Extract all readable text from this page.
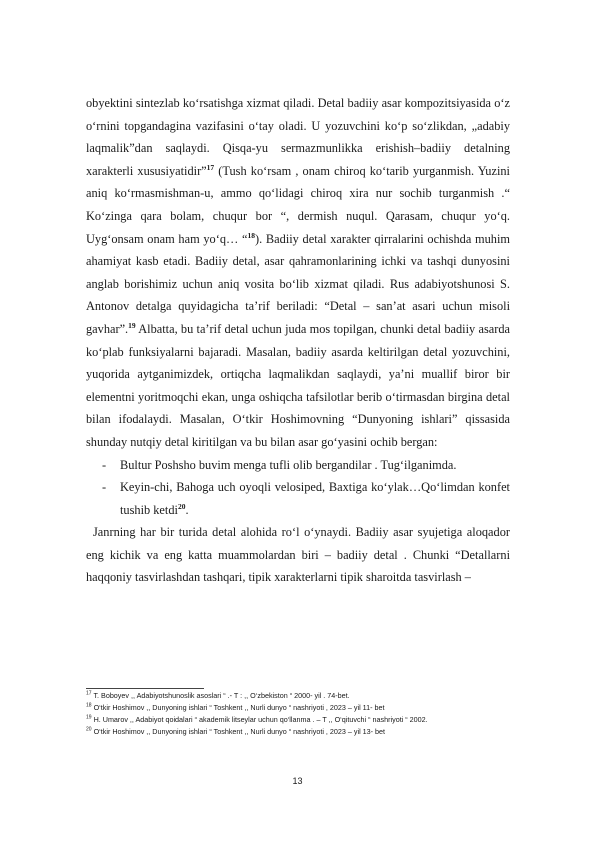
obyektini sintezlab ko‘rsatishga xizmat qiladi. Detal badiiy asar kompozitsiyasida o‘z o‘rnini topgandagina vazifasini o‘tay oladi. U yozuvchini ko‘p so‘zlikdan, „adabiy laqmalik”dan saqlaydi. Qisqa-yu sermazmunlikka erishish–badiiy detalning xarakterli xususiyatidir”$^{17}$ (Tush ko‘rsam , onam chiroq ko‘tarib yurganmish. Yuzini aniq ko‘rmasmishman-u, ammo qo‘lidagi chiroq xira nur sochib turganmish .“ Ko‘zinga qara bolam, chuqur bor “, dermish nuqul. Qarasam, chuqur yo‘q. Uyg‘onsam onam ham yo‘q… “$^{18}$). Badiiy detal xarakter qirralarini ochishda muhim ahamiyat kasb etadi. Badiiy detal, asar qahramonlarining ichki va tashqi dunyosini anglab borishimiz uchun aniq vosita bo‘lib xizmat qiladi. Rus adabiyotshunosi S. Antonov detalga quyidagicha ta’rif beriladi: “Detal – san’at asari uchun misoli gavhar”.$^{19}$ Albatta, bu ta’rif detal uchun juda mos topilgan, chunki detal badiiy asarda ko‘plab funksiyalarni bajaradi. Masalan, badiiy asarda keltirilgan detal yozuvchini, yuqorida aytganimizdek, ortiqcha laqmalikdan saqlaydi, ya’ni muallif biror bir elementni yoritmoqchi ekan, unga oshiqcha tafsilotlar berib o‘tirmasdan birgina detal bilan ifodalaydi. Masalan, O‘tkir Hoshimovning “Dunyoning ishlari” qissasida shunday nutqiy detal kiritilgan va bu bilan asar go‘yasini ochib bergan:

- Bultur Poshsho buvim menga tufli olib bergandilar . Tug‘ilganimda.
- Keyin-chi, Bahoga uch oyoqli velosiped, Baxtiga ko‘ylak…Qo‘limdan konfet tushib ketdi$^{20}$.

Janrning har bir turida detal alohida ro‘l o‘ynaydi. Badiiy asar syujetiga aloqador eng kichik va eng katta muammolardan biri – badiiy detal . Chunki “Detallarni haqqoniy tasvirlashdan tashqari, tipik xarakterlarni tipik sharoitda tasvirlash –

$^{17}$ T. Boboyev ,, Adabiyotshunoslik asoslari “ .- T : ,, O‘zbekiston “ 2000- yil . 74-bet.
$^{18}$ O‘tkir Hoshimov ,, Dunyoning ishlari “ Toshkent ,, Nurli dunyo “ nashriyoti , 2023 – yil 11- bet
$^{19}$ H. Umarov ,, Adabiyot qoidalari “ akademik litseylar uchun qo‘llanma . – T ,, O‘qituvchi “ nashriyoti “ 2002.
$^{20}$ O‘tkir Hoshimov ,, Dunyoning ishlari “ Toshkent ,, Nurli dunyo “ nashriyoti , 2023 – yil 13- bet
13
